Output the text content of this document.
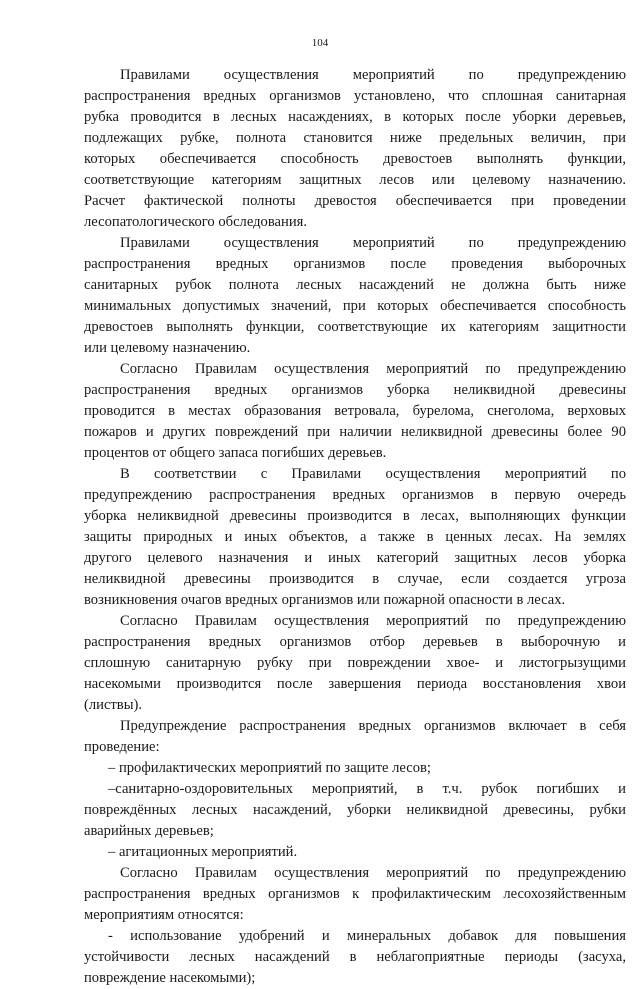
104
Правилами осуществления мероприятий по предупреждению
распространения вредных организмов установлено, что сплошная санитарная
рубка проводится в лесных насаждениях, в которых после уборки деревьев,
подлежащих рубке, полнота становится ниже предельных величин, при
которых обеспечивается способность древостоев выполнять функции,
соответствующие категориям защитных лесов или целевому назначению.
Расчет фактической полноты древостоя обеспечивается при проведении
лесопатологического обследования.
Правилами осуществления мероприятий по предупреждению
распространения вредных организмов после проведения выборочных
санитарных рубок полнота лесных насаждений не должна быть ниже
минимальных допустимых значений, при которых обеспечивается способность
древостоев выполнять функции, соответствующие их категориям защитности
или целевому назначению.
Согласно Правилам осуществления мероприятий по предупреждению
распространения вредных организмов уборка неликвидной древесины
проводится в местах образования ветровала, бурелома, снеголома, верховых
пожаров и других повреждений при наличии неликвидной древесины более 90
процентов от общего запаса погибших деревьев.
В соответствии с Правилами осуществления мероприятий по
предупреждению распространения вредных организмов в первую очередь
уборка неликвидной древесины производится в лесах, выполняющих функции
защиты природных и иных объектов, а также в ценных лесах. На землях
другого целевого назначения и иных категорий защитных лесов уборка
неликвидной древесины производится в случае, если создается угроза
возникновения очагов вредных организмов или пожарной опасности в лесах.
Согласно Правилам осуществления мероприятий по предупреждению
распространения вредных организмов отбор деревьев в выборочную и
сплошную санитарную рубку при повреждении хвое- и листогрызущими
насекомыми производится после завершения периода восстановления хвои
(листвы).
Предупреждение распространения вредных организмов включает в себя
проведение:
– профилактических мероприятий по защите лесов;
–санитарно-оздоровительных мероприятий, в т.ч. рубок погибших и
повреждённых лесных насаждений, уборки неликвидной древесины, рубки
аварийных деревьев;
– агитационных мероприятий.
Согласно Правилам осуществления мероприятий по предупреждению
распространения вредных организмов к профилактическим лесохозяйственным
мероприятиям относятся:
- использование удобрений и минеральных добавок для повышения
устойчивости лесных насаждений в неблагоприятные периоды (засуха,
повреждение насекомыми);
